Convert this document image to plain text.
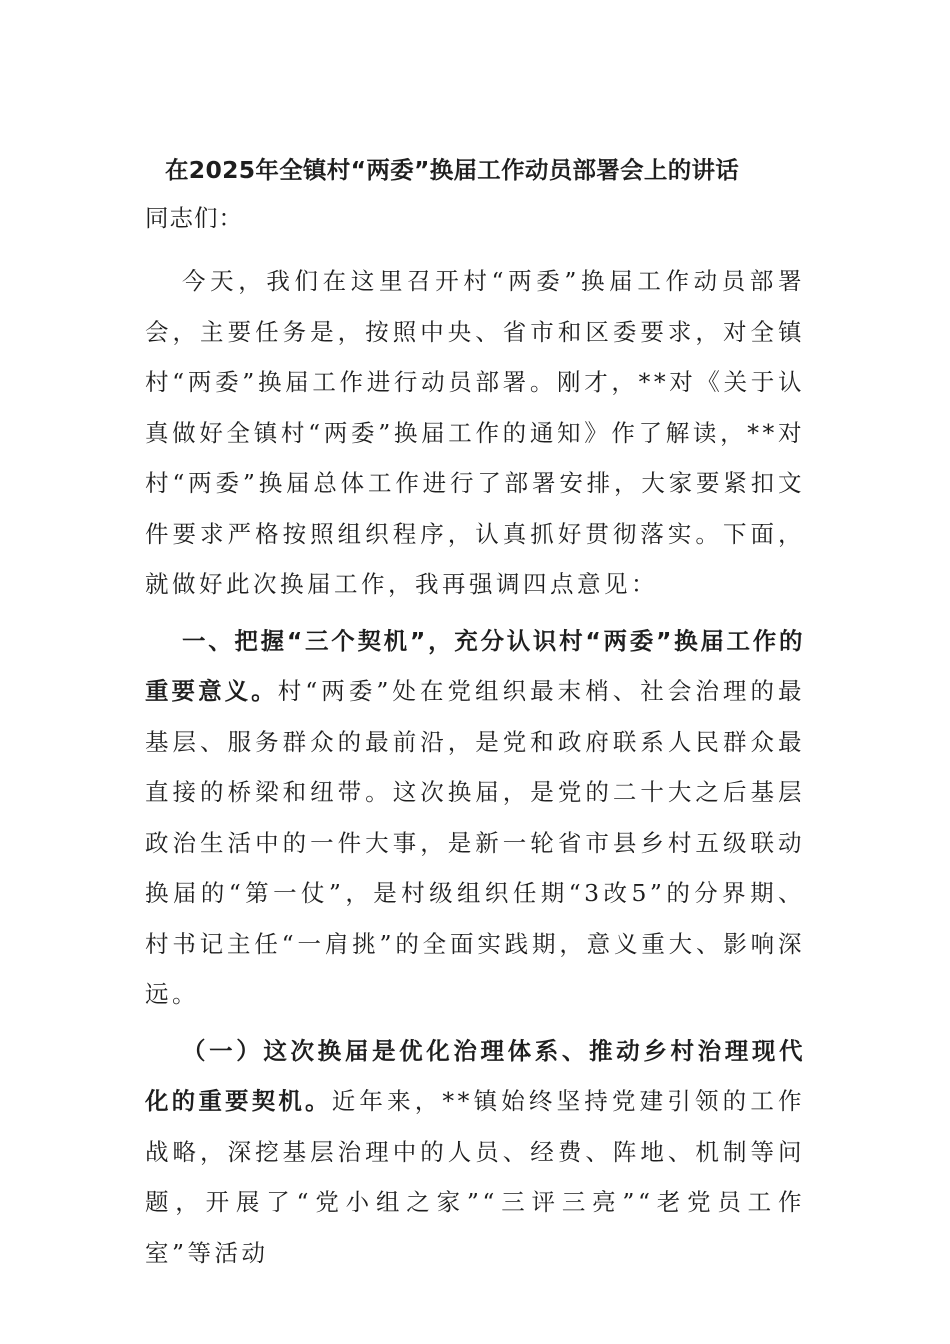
在2025年全镇村“两委”换届工作动员部署会上的讲话
同志们：

今天，我们在这里召开村“两委”换届工作动员部署会，主要任务是，按照中央、省市和区委要求，对全镇村“两委”换届工作进行动员部署。刚才，**对《关于认真做好全镇村“两委”换届工作的通知》作了解读，**对村“两委”换届总体工作进行了部署安排，大家要紧扣文件要求严格按照组织程序，认真抓好贯彻落实。下面，就做好此次换届工作，我再强调四点意见：

一、把握“三个契机”，充分认识村“两委”换届工作的重要意义。村“两委”处在党组织最末梢、社会治理的最基层、服务群众的最前沿，是党和政府联系人民群众最直接的桥梁和纽带。这次换届，是党的二十大之后基层政治生活中的一件大事，是新一轮省市县乡村五级联动换届的“第一仗”，是村级组织任期“3改5”的分界期、村书记主任“一肩挑”的全面实践期，意义重大、影响深远。

（一）这次换届是优化治理体系、推动乡村治理现代化的重要契机。近年来，**镇始终坚持党建引领的工作战略，深挖基层治理中的人员、经费、阵地、机制等问题，开展了“党小组之家”“三评三亮”“老党员工作室”等活动
